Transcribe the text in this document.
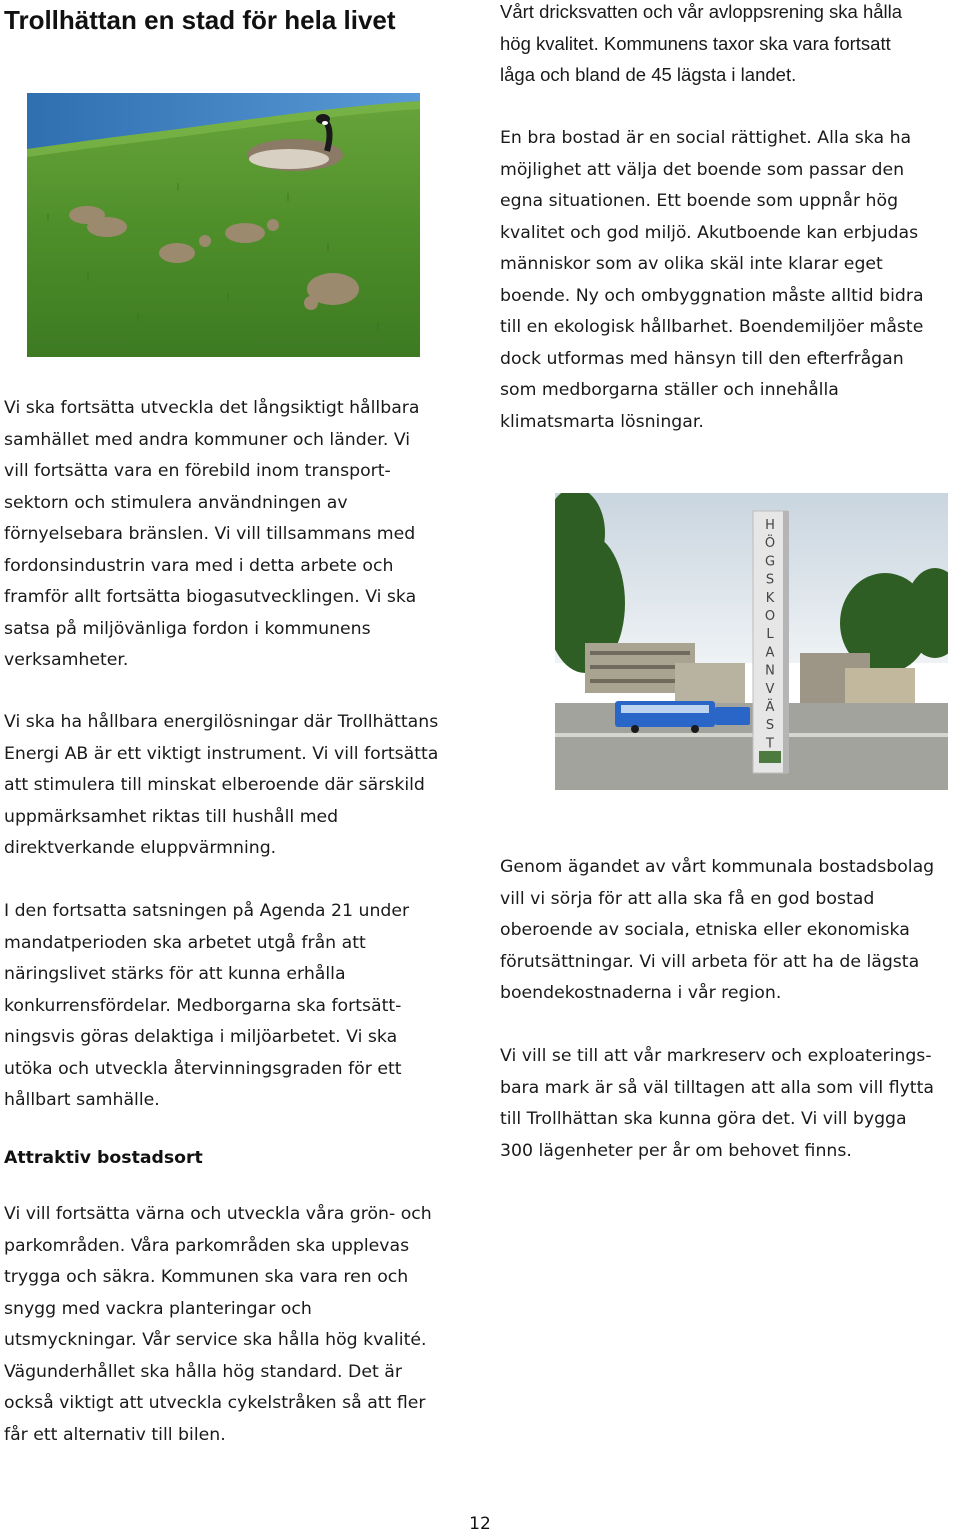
Trollhättan en stad för hela livet
Vi ska fortsätta utveckla det långsiktigt hållbara
samhället med andra kommuner och länder. Vi
vill fortsätta vara en förebild inom transport-
sektorn och stimulera användningen av
förnyelsebara bränslen. Vi vill tillsammans med
fordonsindustrin vara med i detta arbete och
framför allt fortsätta biogasutvecklingen. Vi ska
satsa på miljövänliga fordon i kommunens
verksamheter.
Vi ska ha hållbara energilösningar där Trollhättans
Energi AB är ett viktigt instrument. Vi vill fortsätta
att stimulera till minskat elberoende där särskild
uppmärksamhet riktas till hushåll med
direktverkande eluppvärmning.
I den fortsatta satsningen på Agenda 21 under
mandatperioden ska arbetet utgå från att
näringslivet stärks för att kunna erhålla
konkurrensfördelar. Medborgarna ska fortsätt-
ningsvis göras delaktiga i miljöarbetet. Vi ska
utöka och utveckla återvinningsgraden för ett
hållbart samhälle.
Attraktiv bostadsort
Vi vill fortsätta värna och utveckla våra grön- och
parkområden. Våra parkområden ska upplevas
trygga och säkra. Kommunen ska vara ren och
snygg med vackra planteringar och
utsmyckningar. Vår service ska hålla hög kvalité.
Vägunderhållet ska hålla hög standard. Det är
också viktigt att utveckla cykelstråken så att fler
får ett alternativ till bilen.
Vårt dricksvatten och vår avloppsrening ska hålla
hög kvalitet. Kommunens taxor ska vara fortsatt
låga och bland de 45 lägsta i landet.
En bra bostad är en social rättighet. Alla ska ha
möjlighet att välja det boende som passar den
egna situationen. Ett boende som uppnår hög
kvalitet och god miljö. Akutboende kan erbjudas
människor som av olika skäl inte klarar eget
boende. Ny och ombyggnation måste alltid bidra
till en ekologisk hållbarhet. Boendemiljöer måste
dock utformas med hänsyn till den efterfrågan
som medborgarna ställer och innehålla
klimatsmarta lösningar.
H
Ö
G
S
K
O
L
A
N
V
Ä
S
T
Genom ägandet av vårt kommunala bostadsbolag
vill vi sörja för att alla ska få en god bostad
oberoende av sociala, etniska eller ekonomiska
förutsättningar. Vi vill arbeta för att ha de lägsta
boendekostnaderna i vår region.
Vi vill se till att vår markreserv och exploaterings-
bara mark är så väl tilltagen att alla som vill flytta
till Trollhättan ska kunna göra det. Vi vill bygga
300 lägenheter per år om behovet finns.

12
